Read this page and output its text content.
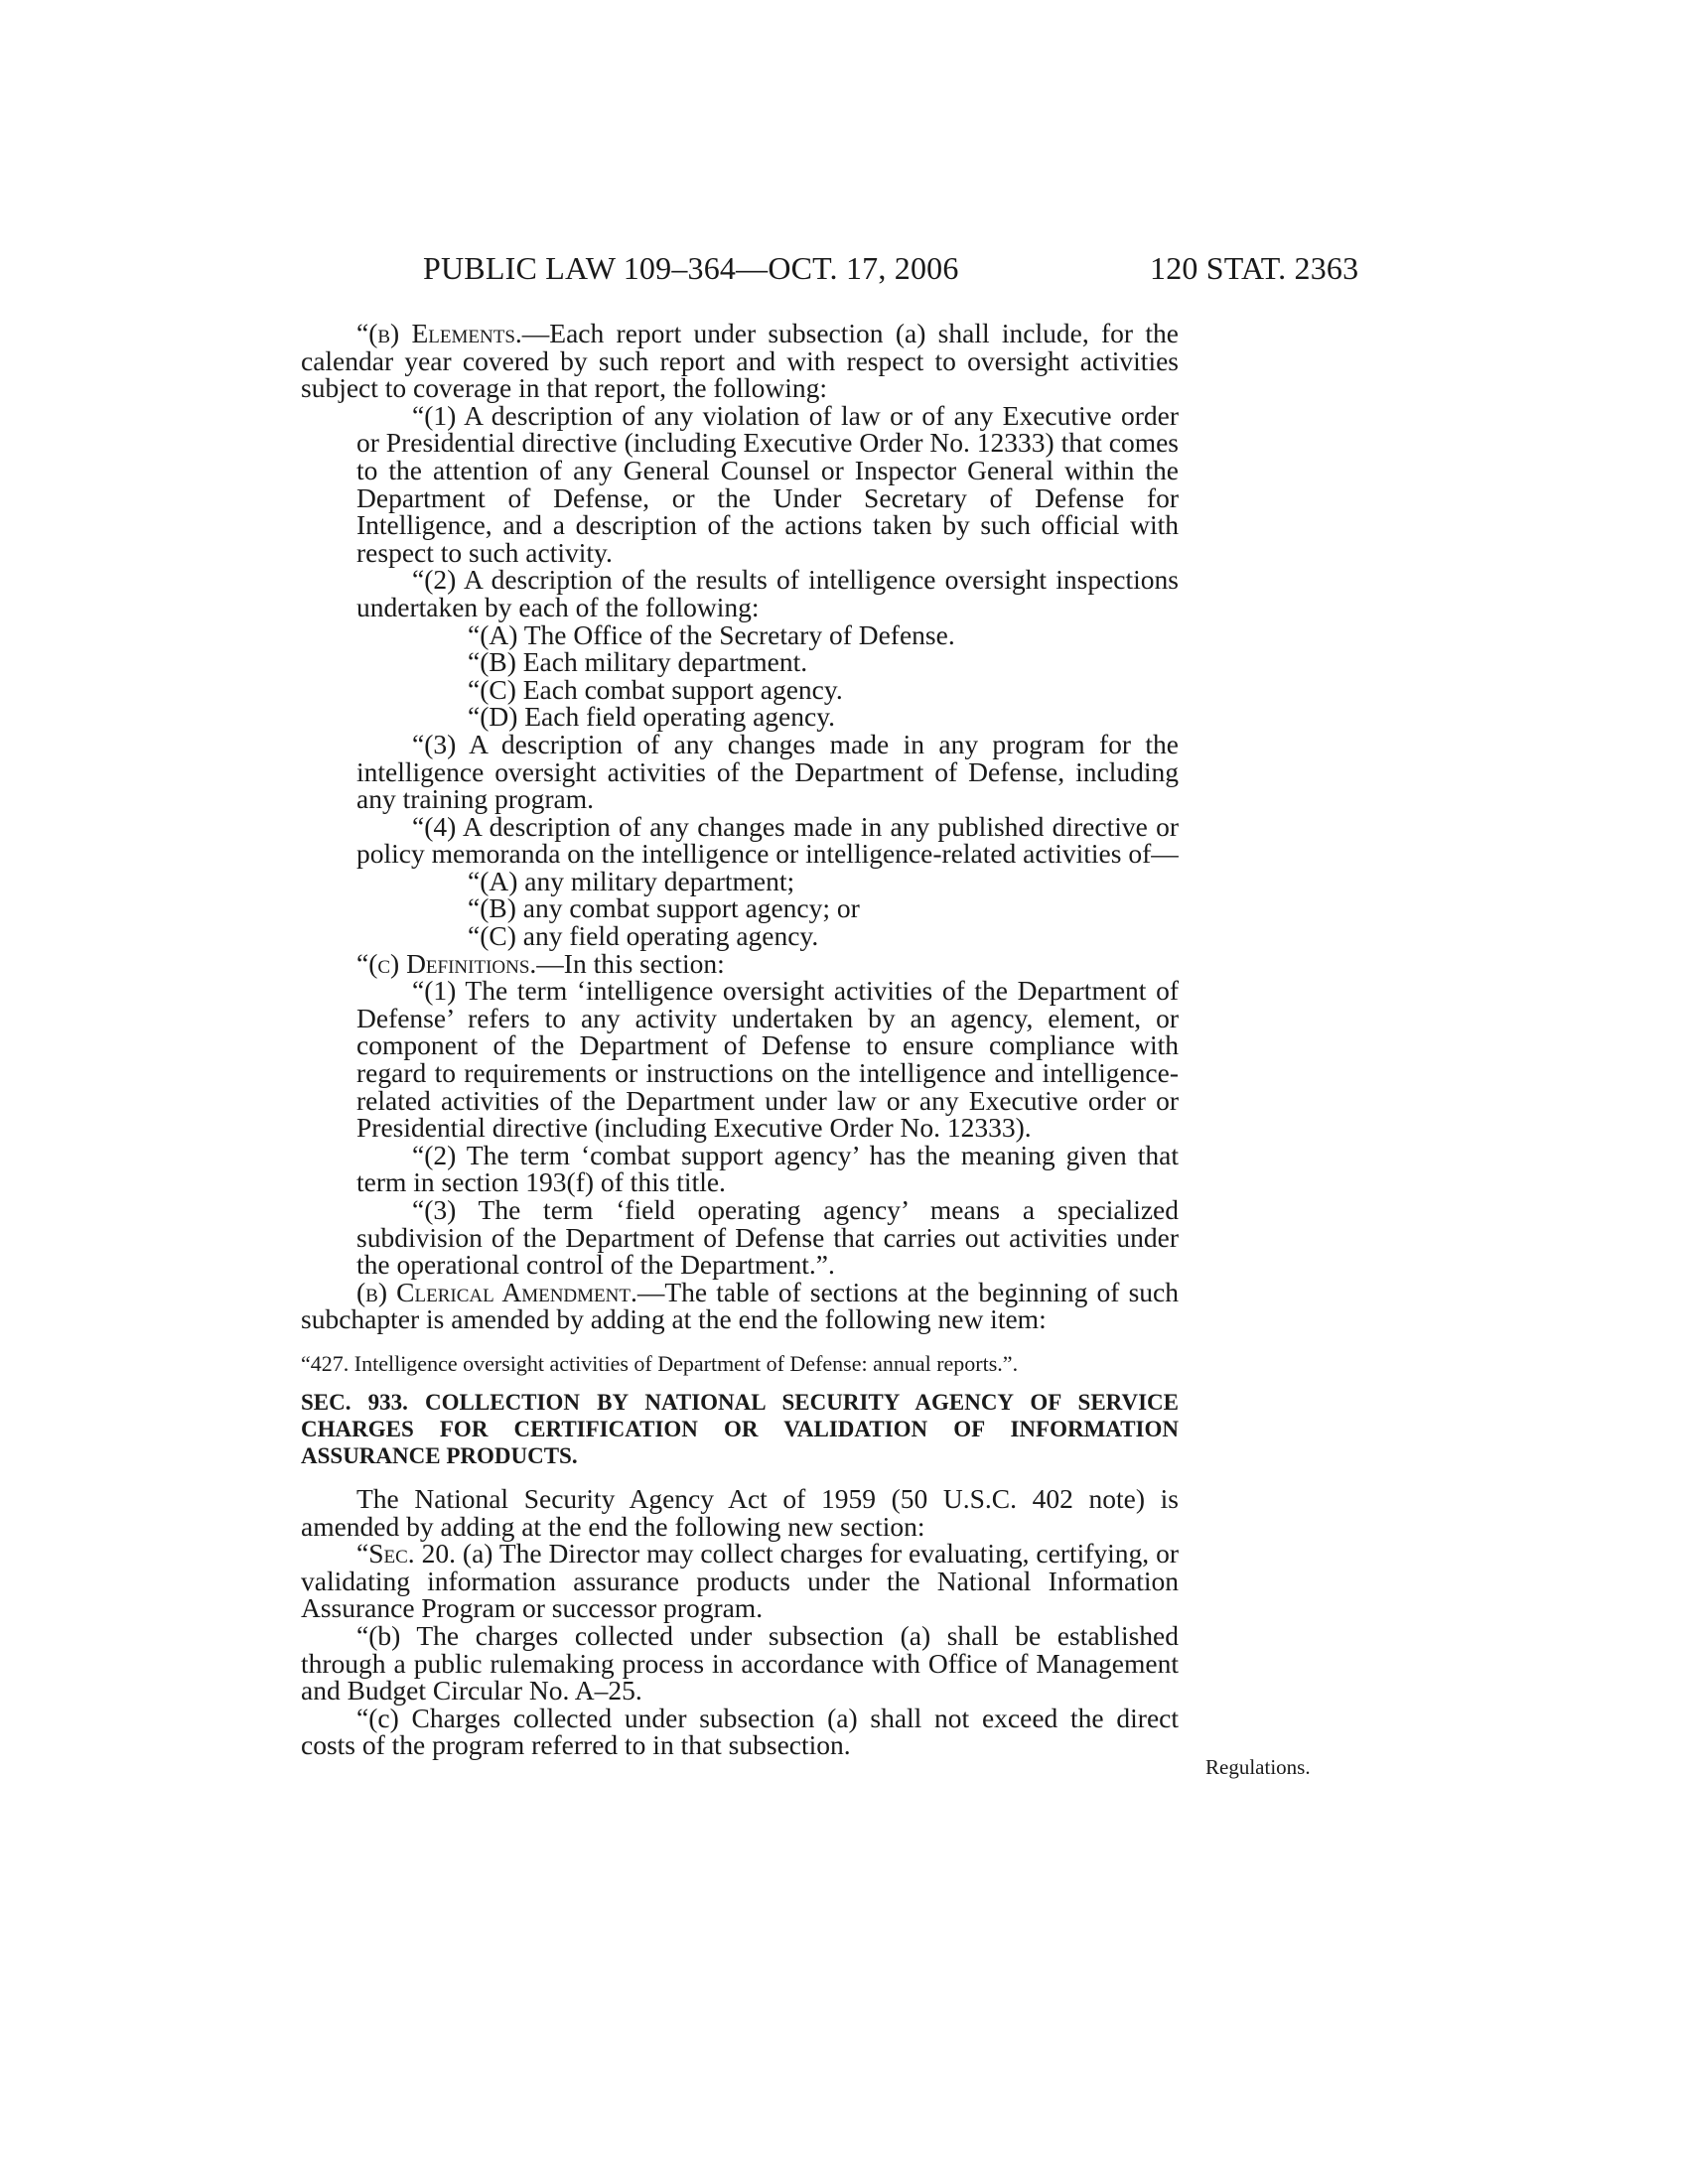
PUBLIC LAW 109–364—OCT. 17, 2006	120 STAT. 2363

“(b) Elements.—Each report under subsection (a) shall include, for the calendar year covered by such report and with respect to oversight activities subject to coverage in that report, the following:

“(1) A description of any violation of law or of any Executive order or Presidential directive (including Executive Order No. 12333) that comes to the attention of any General Counsel or Inspector General within the Department of Defense, or the Under Secretary of Defense for Intelligence, and a description of the actions taken by such official with respect to such activity.

“(2) A description of the results of intelligence oversight inspections undertaken by each of the following:

“(A) The Office of the Secretary of Defense.

“(B) Each military department.

“(C) Each combat support agency.

“(D) Each field operating agency.

“(3) A description of any changes made in any program for the intelligence oversight activities of the Department of Defense, including any training program.

“(4) A description of any changes made in any published directive or policy memoranda on the intelligence or intelligence-related activities of—

“(A) any military department;

“(B) any combat support agency; or

“(C) any field operating agency.

“(c) Definitions.—In this section:

“(1) The term ‘intelligence oversight activities of the Department of Defense’ refers to any activity undertaken by an agency, element, or component of the Department of Defense to ensure compliance with regard to requirements or instructions on the intelligence and intelligence-related activities of the Department under law or any Executive order or Presidential directive (including Executive Order No. 12333).

“(2) The term ‘combat support agency’ has the meaning given that term in section 193(f) of this title.

“(3) The term ‘field operating agency’ means a specialized subdivision of the Department of Defense that carries out activities under the operational control of the Department.”.

(b) Clerical Amendment.—The table of sections at the beginning of such subchapter is amended by adding at the end the following new item:

“427. Intelligence oversight activities of Department of Defense: annual reports.”.

SEC. 933. COLLECTION BY NATIONAL SECURITY AGENCY OF SERVICE CHARGES FOR CERTIFICATION OR VALIDATION OF INFORMATION ASSURANCE PRODUCTS.

The National Security Agency Act of 1959 (50 U.S.C. 402 note) is amended by adding at the end the following new section:

“Sec. 20. (a) The Director may collect charges for evaluating, certifying, or validating information assurance products under the National Information Assurance Program or successor program.

“(b) The charges collected under subsection (a) shall be established through a public rulemaking process in accordance with Office of Management and Budget Circular No. A–25.

“(c) Charges collected under subsection (a) shall not exceed the direct costs of the program referred to in that subsection.

Regulations.
